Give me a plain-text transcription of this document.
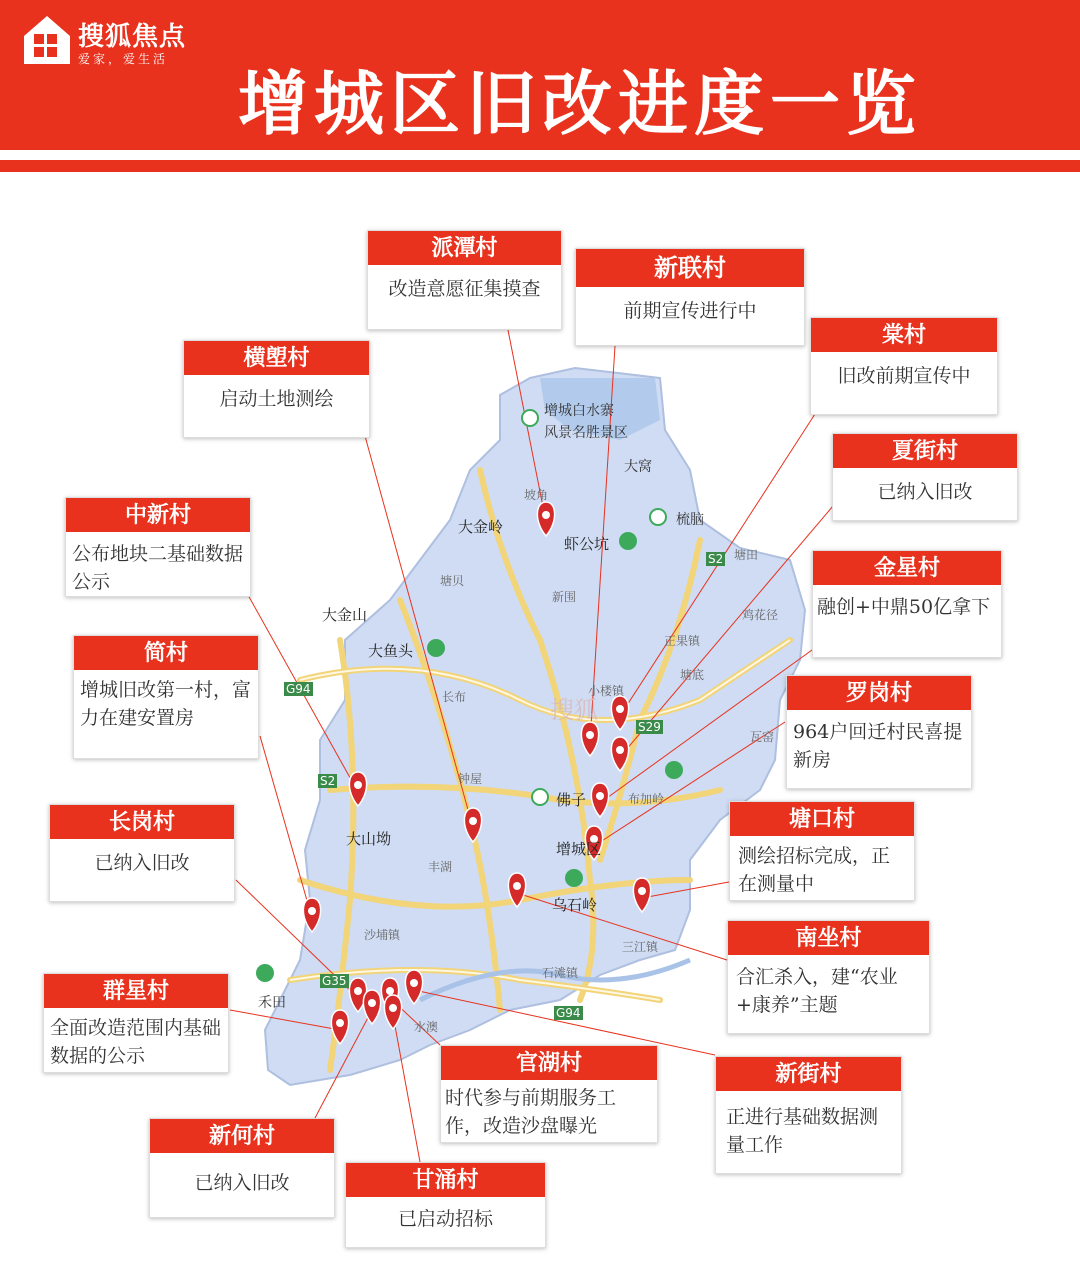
搜狐焦点
爱家，爱生活
增城区旧改进度一览
增城白水寨
风景名胜景区
大窝
坡角
大金岭
虾公坑
梳脑
塘贝
新围
大金山
正果镇
鸡花径
大鱼头
塘底
长布	小楼镇
瓦窑
钟屋
佛子	布加岭
大山坳
增城区
丰湖
乌石岭
沙埔镇
三江镇
石滩镇
禾田
水澳
塘田
G94
S2
S29
G35
G94
S2
搜狐
派潭村
改造意愿征集摸查
新联村
前期宣传进行中
棠村
旧改前期宣传中
横塱村
启动土地测绘
夏街村
已纳入旧改
中新村
公布地块二基础数据公示
金星村
融创+中鼎50亿拿下
简村
增城旧改第一村，富力在建安置房
罗岗村
964户回迁村民喜提新房
长岗村
已纳入旧改
塘口村
测绘招标完成，正在测量中
南坐村
合汇杀入，建“农业+康养”主题
群星村
全面改造范围内基础数据的公示	官湖村
时代参与前期服务工作，改造沙盘曝光
新街村
正进行基础数据测量工作
新何村
已纳入旧改	甘涌村
已启动招标
